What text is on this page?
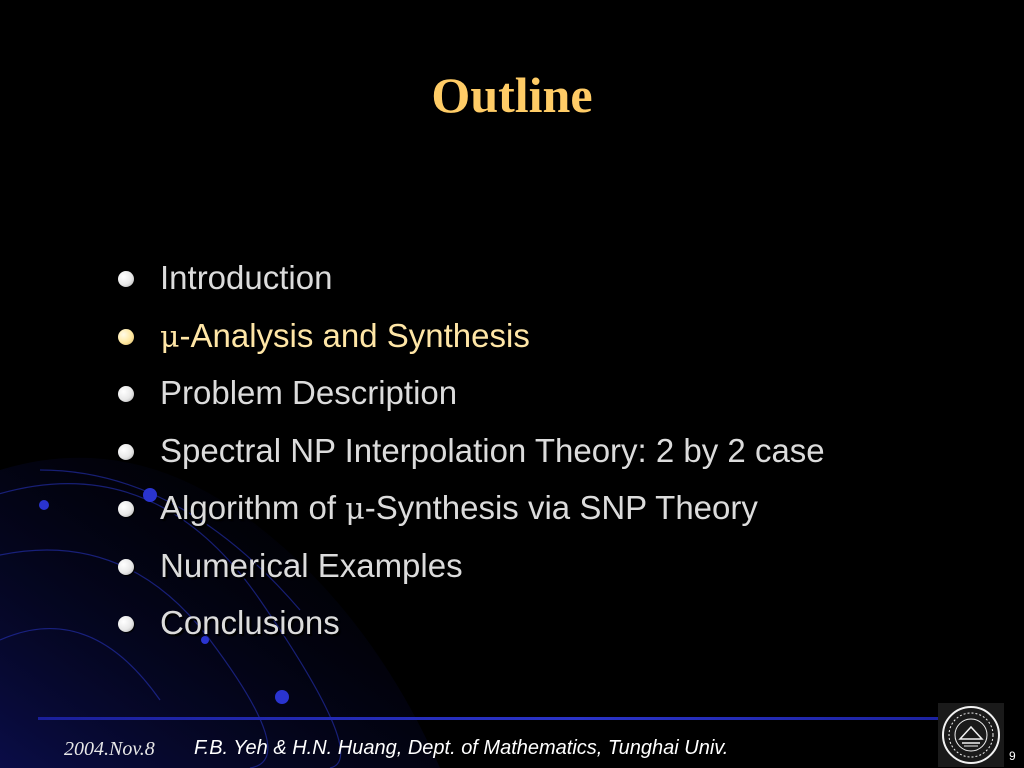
Outline
Introduction
μ-Analysis and Synthesis
Problem Description
Spectral NP Interpolation Theory: 2 by 2 case
Algorithm of μ-Synthesis via SNP Theory
Numerical Examples
Conclusions
2004.Nov.8 F.B. Yeh & H.N. Huang, Dept. of Mathematics, Tunghai Univ.	9
